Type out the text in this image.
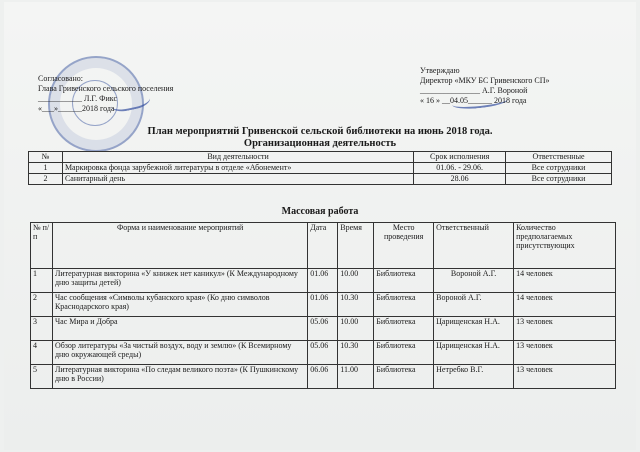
Согласовано:
Глава Гривенского сельского поселения
___________ Л.Г. Фикс
«___»______2018 года
Утверждаю
Директор «МКУ БС Гривенского СП»
_______________ А.Г. Вороной
« 16 » __04.05______ 2018 года
План мероприятий Гривенской сельской библиотеки на июнь 2018 года.
Организационная деятельность
№	Вид деятельности	Срок исполнения	Ответственные
1	Маркировка фонда зарубежной литературы в отделе «Абонемент»	01.06. - 29.06.	Все сотрудники
2	Санитарный день	28.06	Все сотрудники
Массовая работа
№ п/п	Форма и наименование мероприятий	Дата	Время	Место проведения	Ответственный	Количество предполагаемых присутствующих
1	Литературная викторина «У книжек нет каникул» (К Международному дню защиты детей)	01.06	10.00	Библиотека	Вороной А.Г.	14 человек
2	Час сообщения «Символы кубанского края» (Ко дню символов Краснодарского края)	01.06	10.30	Библиотека	Вороной А.Г.	14 человек
3	Час Мира и Добра	05.06	10.00	Библиотека	Царищенская Н.А.	13 человек
4	Обзор литературы «За чистый воздух, воду и землю» (К Всемирному дню окружающей среды)	05.06	10.30	Библиотека	Царищенская Н.А.	13 человек
5	Литературная викторина «По следам великого поэта» (К Пушкинскому дню в России)	06.06	11.00	Библиотека	Нетребко В.Г.	13 человек
